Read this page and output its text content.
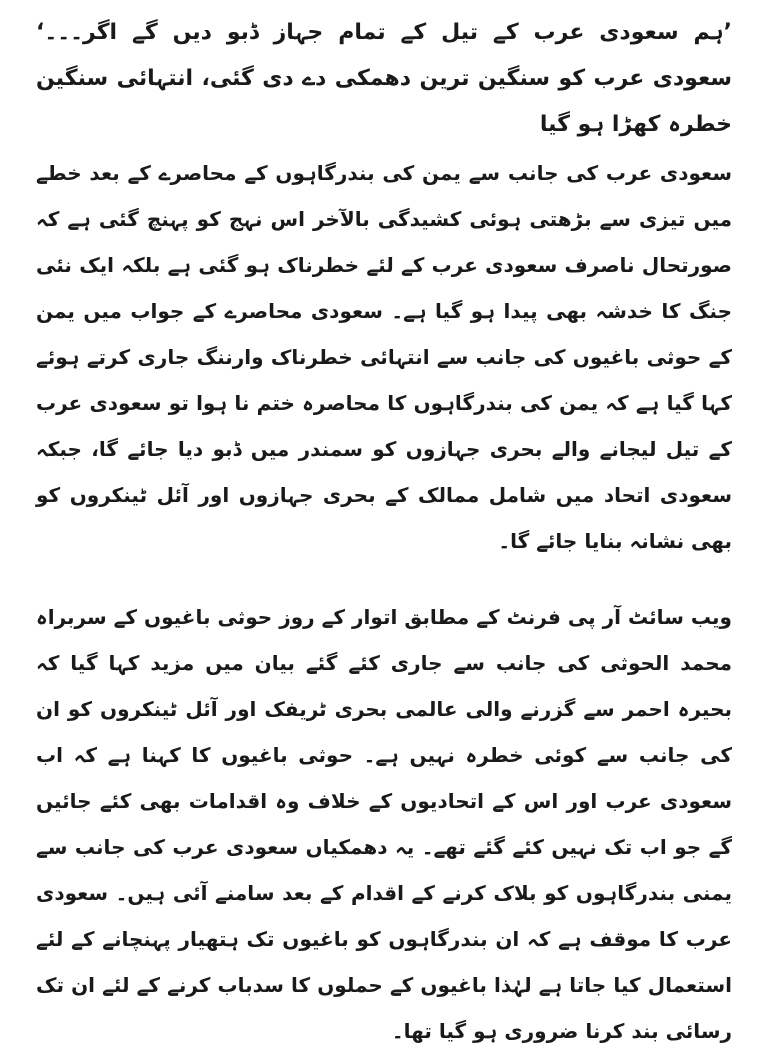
’ہم سعودی عرب کے تیل کے تمام جہاز ڈبو دیں گے اگر۔۔۔‘ سعودی عرب کو سنگین ترین دھمکی دے دی گئی، انتہائی سنگین خطرہ کھڑا ہو گیا

سعودی عرب کی جانب سے یمن کی بندرگاہوں کے محاصرے کے بعد خطے میں تیزی سے بڑھتی ہوئی کشیدگی بالآخر اس نہج کو پہنچ گئی ہے کہ صورتحال ناصرف سعودی عرب کے لئے خطرناک ہو گئی ہے بلکہ ایک نئی جنگ کا خدشہ بھی پیدا ہو گیا ہے۔ سعودی محاصرے کے جواب میں یمن کے حوثی باغیوں کی جانب سے انتہائی خطرناک وارننگ جاری کرتے ہوئے کہا گیا ہے کہ یمن کی بندرگاہوں کا محاصرہ ختم نا ہوا تو سعودی عرب کے تیل لیجانے والے بحری جہازوں کو سمندر میں ڈبو دیا جائے گا، جبکہ سعودی اتحاد میں شامل ممالک کے بحری جہازوں اور آئل ٹینکروں کو بھی نشانہ بنایا جائے گا۔

ویب سائٹ آر پی فرنٹ کے مطابق اتوار کے روز حوثی باغیوں کے سربراہ محمد الحوثی کی جانب سے جاری کئے گئے بیان میں مزید کہا گیا کہ بحیرہ احمر سے گزرنے والی عالمی بحری ٹریفک اور آئل ٹینکروں کو ان کی جانب سے کوئی خطرہ نہیں ہے۔ حوثی باغیوں کا کہنا ہے کہ اب سعودی عرب اور اس کے اتحادیوں کے خلاف وہ اقدامات بھی کئے جائیں گے جو اب تک نہیں کئے گئے تھے۔ یہ دھمکیاں سعودی عرب کی جانب سے یمنی بندرگاہوں کو بلاک کرنے کے اقدام کے بعد سامنے آئی ہیں۔ سعودی عرب کا موقف ہے کہ ان بندرگاہوں کو باغیوں تک ہتھیار پہنچانے کے لئے استعمال کیا جاتا ہے لہٰذا باغیوں کے حملوں کا سدباب کرنے کے لئے ان تک رسائی بند کرنا ضروری ہو گیا تھا۔
